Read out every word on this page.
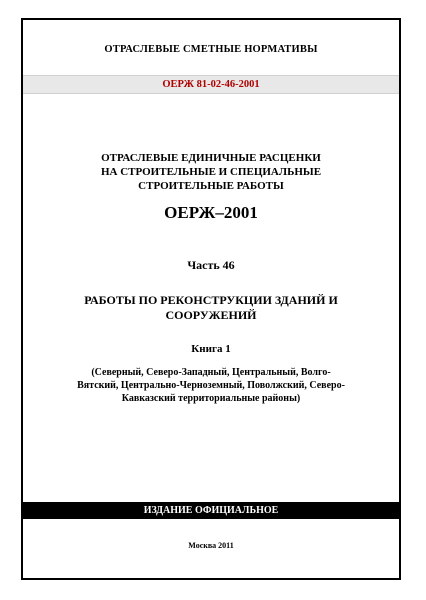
ОТРАСЛЕВЫЕ СМЕТНЫЕ НОРМАТИВЫ
ОЕРЖ 81-02-46-2001
ОТРАСЛЕВЫЕ ЕДИНИЧНЫЕ РАСЦЕНКИ
НА СТРОИТЕЛЬНЫЕ И СПЕЦИАЛЬНЫЕ
СТРОИТЕЛЬНЫЕ РАБОТЫ
ОЕРЖ–2001
Часть 46
РАБОТЫ ПО РЕКОНСТРУКЦИИ ЗДАНИЙ И
СООРУЖЕНИЙ
Книга 1
(Северный, Северо-Западный, Центральный, Волго-
Вятский, Центрально-Черноземный, Поволжский, Северо-
Кавказский территориальные районы)
ИЗДАНИЕ ОФИЦИАЛЬНОЕ
Москва 2011
